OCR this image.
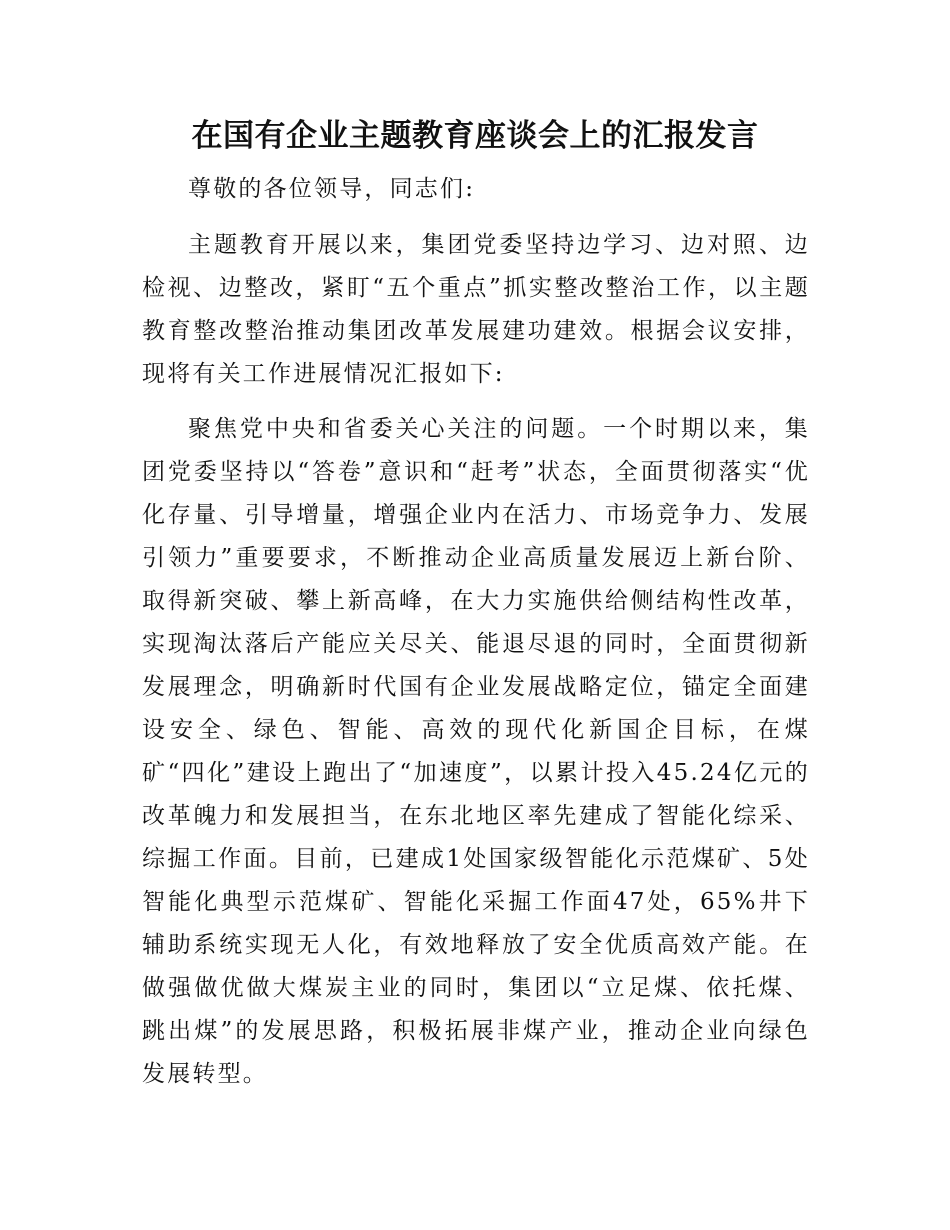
在国有企业主题教育座谈会上的汇报发言

尊敬的各位领导，同志们:

主题教育开展以来，集团党委坚持边学习、边对照、边检视、边整改，紧盯“五个重点”抓实整改整治工作，以主题教育整改整治推动集团改革发展建功建效。根据会议安排，现将有关工作进展情况汇报如下:

聚焦党中央和省委关心关注的问题。一个时期以来，集团党委坚持以“答卷”意识和“赶考”状态，全面贯彻落实“优化存量、引导增量，增强企业内在活力、市场竞争力、发展引领力”重要要求，不断推动企业高质量发展迈上新台阶、取得新突破、攀上新高峰，在大力实施供给侧结构性改革，实现淘汰落后产能应关尽关、能退尽退的同时，全面贯彻新发展理念，明确新时代国有企业发展战略定位，锚定全面建设安全、绿色、智能、高效的现代化新国企目标，在煤矿“四化”建设上跑出了“加速度”，以累计投入45.24亿元的改革魄力和发展担当，在东北地区率先建成了智能化综采、综掘工作面。目前，已建成1处国家级智能化示范煤矿、5处智能化典型示范煤矿、智能化采掘工作面47处，65%井下辅助系统实现无人化，有效地释放了安全优质高效产能。在做强做优做大煤炭主业的同时，集团以“立足煤、依托煤、跳出煤”的发展思路，积极拓展非煤产业，推动企业向绿色发展转型。
